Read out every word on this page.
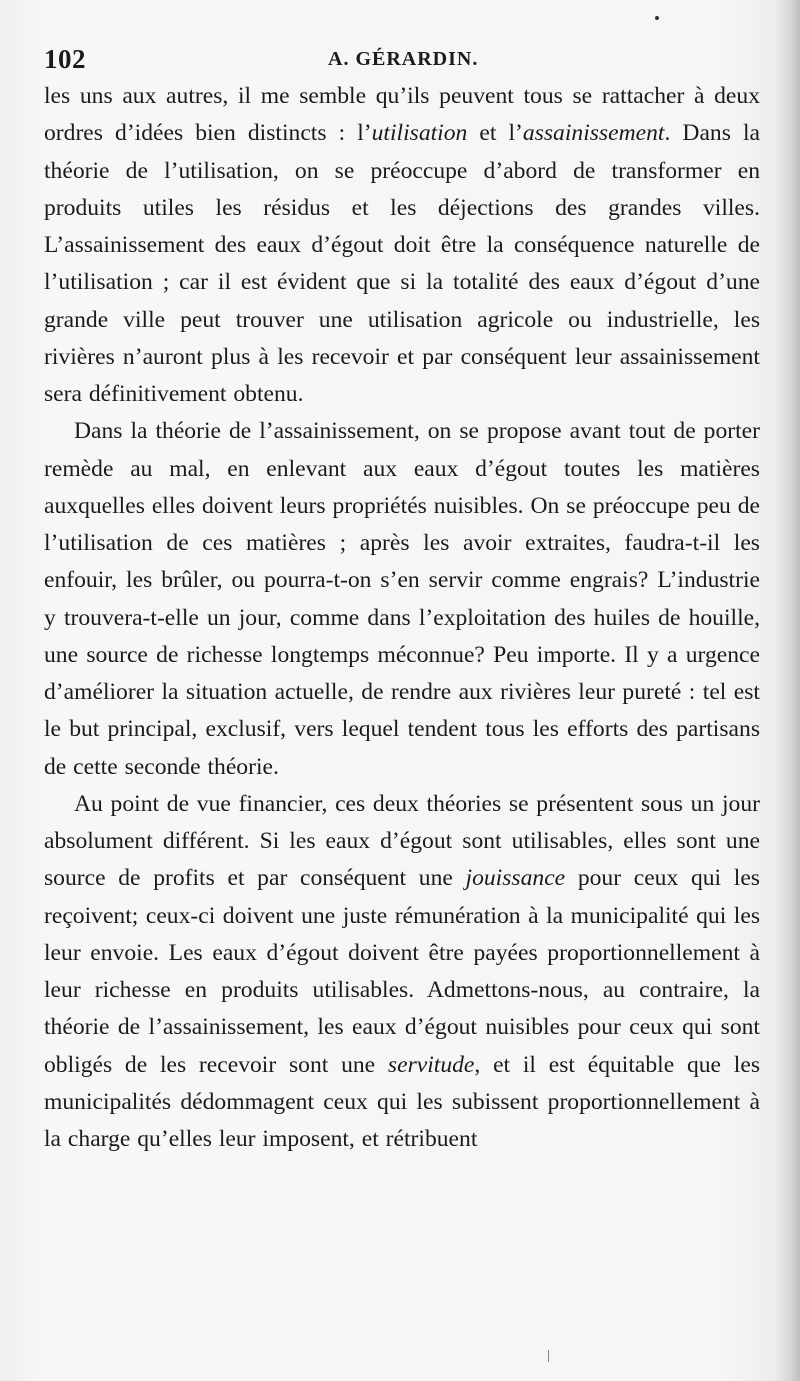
102	A. GÉRARDIN.

les uns aux autres, il me semble qu’ils peuvent tous se rattacher à deux ordres d’idées bien distincts : l’utilisation et l’assainissement. Dans la théorie de l’utilisation, on se préoccupe d’abord de transformer en produits utiles les résidus et les déjections des grandes villes. L’assainissement des eaux d’égout doit être la conséquence naturelle de l’utilisation ; car il est évident que si la totalité des eaux d’égout d’une grande ville peut trouver une utilisation agricole ou industrielle, les rivières n’auront plus à les recevoir et par conséquent leur assainissement sera définitivement obtenu.

Dans la théorie de l’assainissement, on se propose avant tout de porter remède au mal, en enlevant aux eaux d’égout toutes les matières auxquelles elles doivent leurs propriétés nuisibles. On se préoccupe peu de l’utilisation de ces matières ; après les avoir extraites, faudra-t-il les enfouir, les brûler, ou pourra-t-on s’en servir comme engrais? L’industrie y trouvera-t-elle un jour, comme dans l’exploitation des huiles de houille, une source de richesse longtemps méconnue? Peu importe. Il y a urgence d’améliorer la situation actuelle, de rendre aux rivières leur pureté : tel est le but principal, exclusif, vers lequel tendent tous les efforts des partisans de cette seconde théorie.

Au point de vue financier, ces deux théories se présentent sous un jour absolument différent. Si les eaux d’égout sont utilisables, elles sont une source de profits et par conséquent une jouissance pour ceux qui les reçoivent; ceux-ci doivent une juste rémunération à la municipalité qui les leur envoie. Les eaux d’égout doivent être payées proportionnellement à leur richesse en produits utilisables. Admettons-nous, au contraire, la théorie de l’assainissement, les eaux d’égout nuisibles pour ceux qui sont obligés de les recevoir sont une servitude, et il est équitable que les municipalités dédommagent ceux qui les subissent proportionnellement à la charge qu’elles leur imposent, et rétribuent
